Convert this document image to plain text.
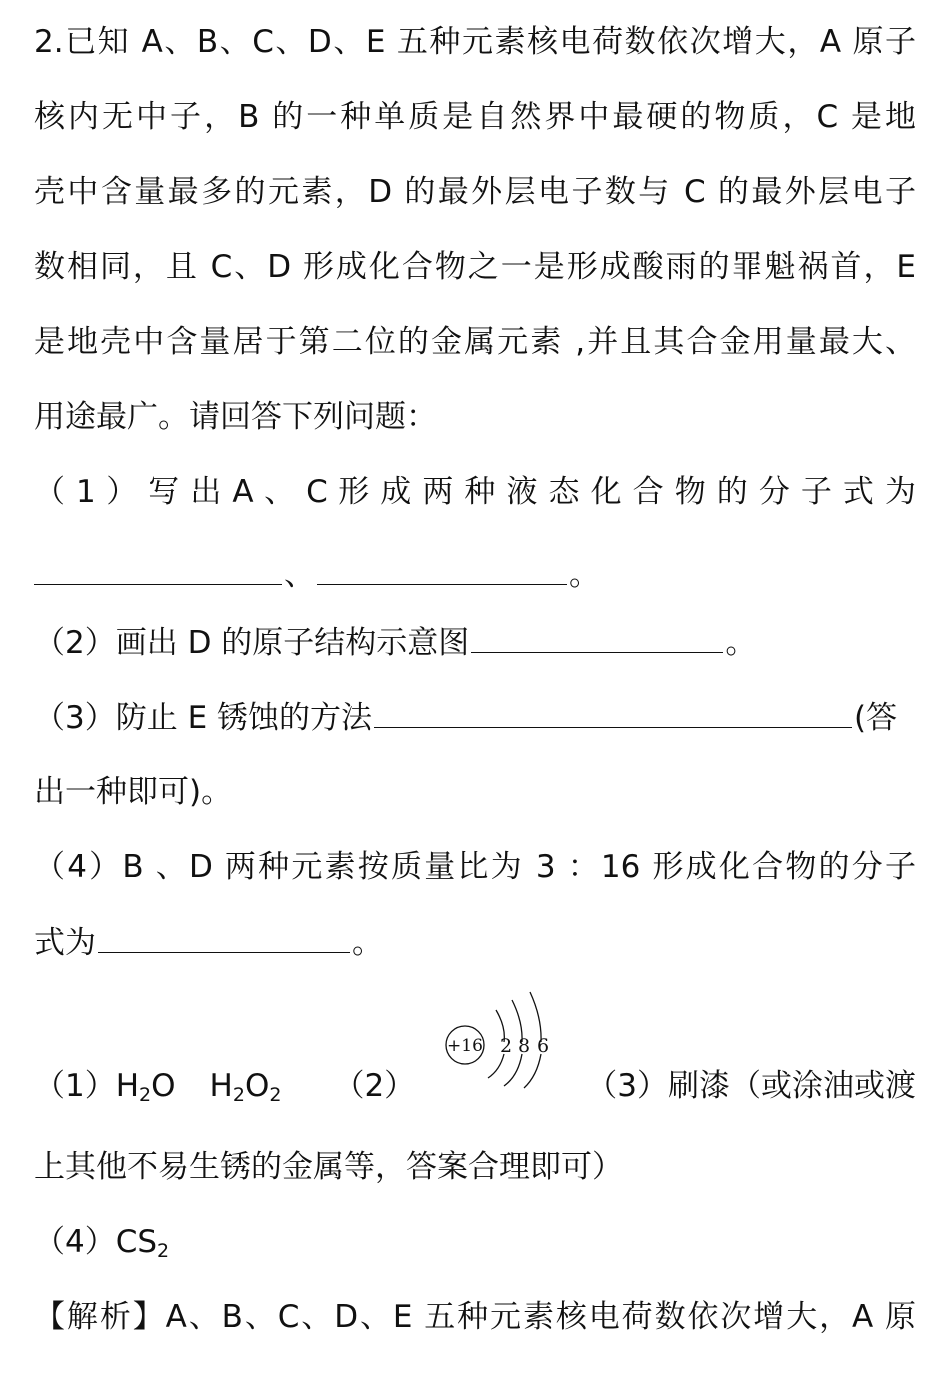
2.已知 A、B、C、D、E 五种元素核电荷数依次增大，A 原子
核内无中子，B 的一种单质是自然界中最硬的物质，C 是地
壳中含量最多的元素，D 的最外层电子数与 C 的最外层电子
数相同，且 C、D 形成化合物之一是形成酸雨的罪魁祸首，E
是地壳中含量居于第二位的金属元素 ,并且其合金用量最大、
用途最广。请回答下列问题：
（ 1 ） 写 出 A 、 C 形 成 两 种 液 态 化 合 物 的 分 子 式 为
、	。
（2）画出 D 的原子结构示意图	。
（3）防止 E 锈蚀的方法	(答
出一种即可)。
（4）B 、D 两种元素按质量比为 3 ：16 形成化合物的分子
式为	。
$(1)H_2O$ $H_2O_2$ （2）
+16 2 8 6
（3）刷漆（或涂油或渡
上其他不易生锈的金属等，答案合理即可）
$(4)CS_2$
【解析】A、B、C、D、E 五种元素核电荷数依次增大，A 原
